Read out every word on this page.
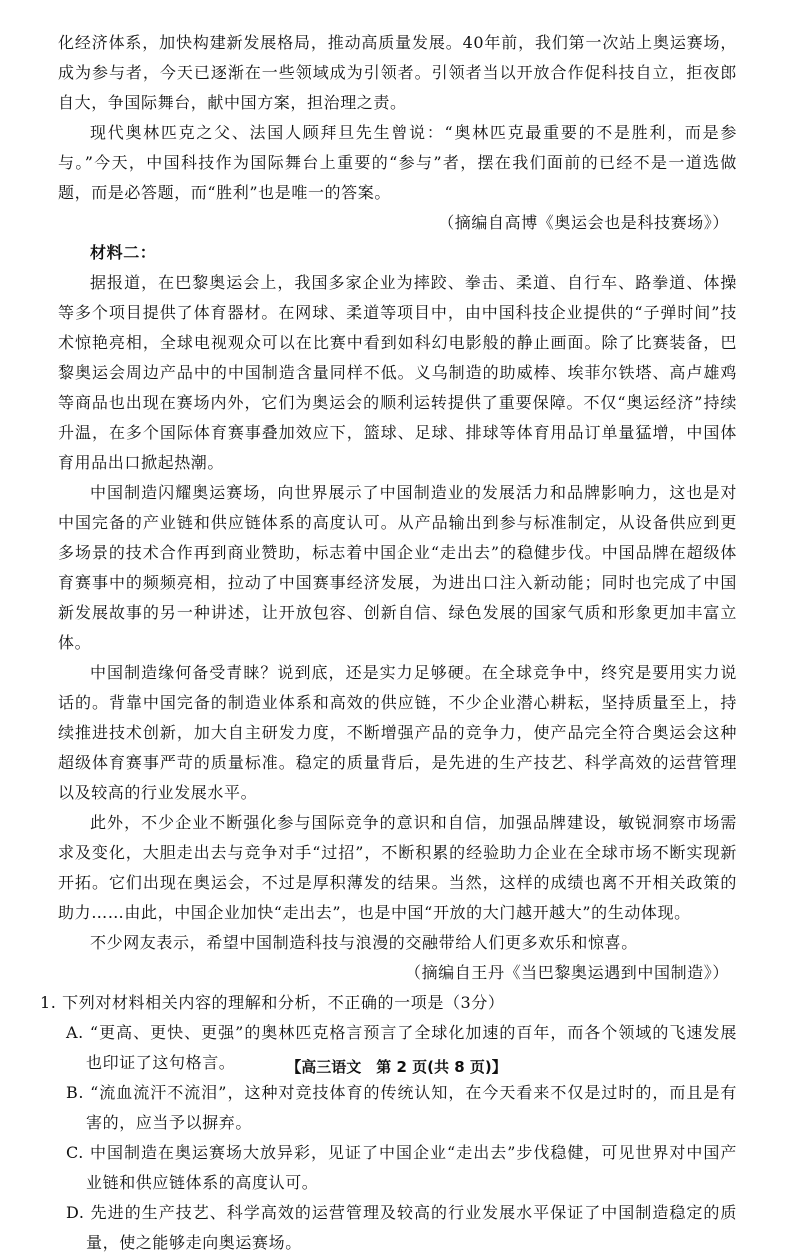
化经济体系，加快构建新发展格局，推动高质量发展。40年前，我们第一次站上奥运赛场，成为参与者，今天已逐渐在一些领域成为引领者。引领者当以开放合作促科技自立，拒夜郎自大，争国际舞台，献中国方案，担治理之责。

现代奥林匹克之父、法国人顾拜旦先生曾说：“奥林匹克最重要的不是胜利，而是参与。”今天，中国科技作为国际舞台上重要的“参与”者，摆在我们面前的已经不是一道选做题，而是必答题，而“胜利”也是唯一的答案。

（摘编自高博《奥运会也是科技赛场》）

材料二：

据报道，在巴黎奥运会上，我国多家企业为摔跤、拳击、柔道、自行车、路拳道、体操等多个项目提供了体育器材。在网球、柔道等项目中，由中国科技企业提供的“子弹时间”技术惊艳亮相，全球电视观众可以在比赛中看到如科幻电影般的静止画面。除了比赛装备，巴黎奥运会周边产品中的中国制造含量同样不低。义乌制造的助威棒、埃菲尔铁塔、高卢雄鸡等商品也出现在赛场内外，它们为奥运会的顺利运转提供了重要保障。不仅“奥运经济”持续升温，在多个国际体育赛事叠加效应下，篮球、足球、排球等体育用品订单量猛增，中国体育用品出口掀起热潮。

中国制造闪耀奥运赛场，向世界展示了中国制造业的发展活力和品牌影响力，这也是对中国完备的产业链和供应链体系的高度认可。从产品输出到参与标准制定，从设备供应到更多场景的技术合作再到商业赞助，标志着中国企业“走出去”的稳健步伐。中国品牌在超级体育赛事中的频频亮相，拉动了中国赛事经济发展，为进出口注入新动能；同时也完成了中国新发展故事的另一种讲述，让开放包容、创新自信、绿色发展的国家气质和形象更加丰富立体。

中国制造缘何备受青睐？说到底，还是实力足够硬。在全球竞争中，终究是要用实力说话的。背靠中国完备的制造业体系和高效的供应链，不少企业潜心耕耘，坚持质量至上，持续推进技术创新，加大自主研发力度，不断增强产品的竞争力，使产品完全符合奥运会这种超级体育赛事严苛的质量标准。稳定的质量背后，是先进的生产技艺、科学高效的运营管理以及较高的行业发展水平。

此外，不少企业不断强化参与国际竞争的意识和自信，加强品牌建设，敏锐洞察市场需求及变化，大胆走出去与竞争对手“过招”，不断积累的经验助力企业在全球市场不断实现新开拓。它们出现在奥运会，不过是厚积薄发的结果。当然，这样的成绩也离不开相关政策的助力……由此，中国企业加快“走出去”，也是中国“开放的大门越开越大”的生动体现。

不少网友表示，希望中国制造科技与浪漫的交融带给人们更多欢乐和惊喜。

（摘编自王丹《当巴黎奥运遇到中国制造》）

1. 下列对材料相关内容的理解和分析，不正确的一项是（3分）

A. “更高、更快、更强”的奥林匹克格言预言了全球化加速的百年，而各个领域的飞速发展也印证了这句格言。

B. “流血流汗不流泪”，这种对竞技体育的传统认知，在今天看来不仅是过时的，而且是有害的，应当予以摒弃。

C. 中国制造在奥运赛场大放异彩，见证了中国企业“走出去”步伐稳健，可见世界对中国产业链和供应链体系的高度认可。

D. 先进的生产技艺、科学高效的运营管理及较高的行业发展水平保证了中国制造稳定的质量，使之能够走向奥运赛场。

【高三语文　第 2 页(共 8 页)】
